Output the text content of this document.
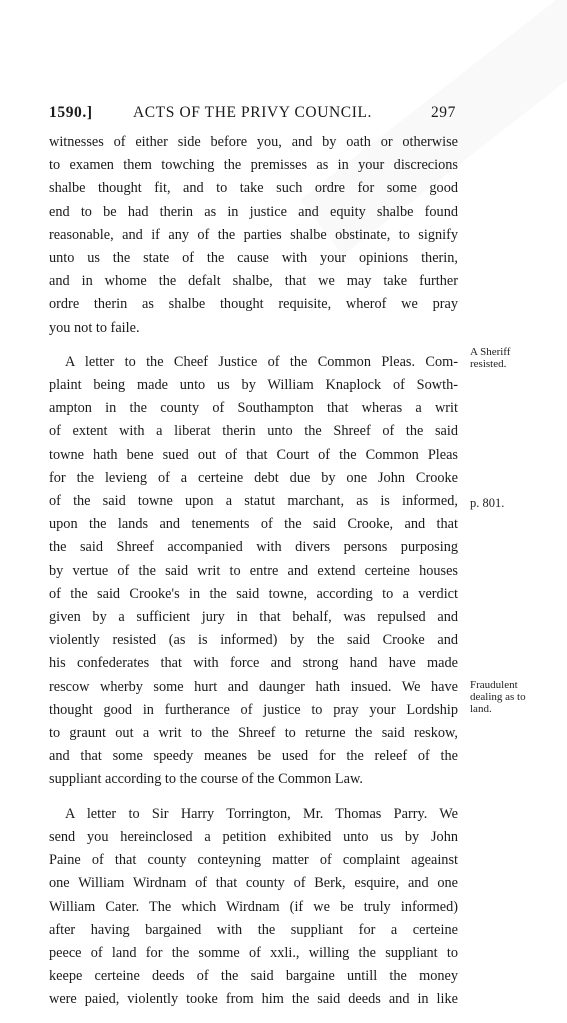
1590.]	ACTS OF THE PRIVY COUNCIL.	297

witnesses of either side before you, and by oath or otherwise

to examen them towching the premisses as in your discrecions

shalbe thought fit, and to take such ordre for some good

end to be had therin as in justice and equity shalbe found

reasonable, and if any of the parties shalbe obstinate, to signify

unto us the state of the cause with your opinions therin,

and in whome the defalt shalbe, that we may take further

ordre therin as shalbe thought requisite, wherof we pray

you not to faile.

A letter to the Cheef Justice of the Common Pleas. Com-

plaint being made unto us by William Knaplock of Sowth-

ampton in the county of Southampton that wheras a writ

of extent with a liberat therin unto the Shreef of the said

towne hath bene sued out of that Court of the Common Pleas

for the levieng of a certeine debt due by one John Crooke

of the said towne upon a statut marchant, as is informed,

upon the lands and tenements of the said Crooke, and that

the said Shreef accompanied with divers persons purposing

by vertue of the said writ to entre and extend certeine houses

of the said Crooke's in the said towne, according to a verdict

given by a sufficient jury in that behalf, was repulsed and

violently resisted (as is informed) by the said Crooke and

his confederates that with force and strong hand have made

rescow wherby some hurt and daunger hath insued. We have

thought good in furtherance of justice to pray your Lordship

to graunt out a writ to the Shreef to returne the said reskow,

and that some speedy meanes be used for the releef of the

suppliant according to the course of the Common Law.

A letter to Sir Harry Torrington, Mr. Thomas Parry. We

send you hereinclosed a petition exhibited unto us by John

Paine of that county conteyning matter of complaint ageainst

one William Wirdnam of that county of Berk, esquire, and one

William Cater. The which Wirdnam (if we be truly informed)

after having bargained with the suppliant for a certeine

peece of land for the somme of xxli., willing the suppliant to

keepe certeine deeds of the said bargaine untill the money

were paied, violently tooke from him the said deeds and in like

A Sheriff
resisted.
p. 801.
Fraudulent
dealing as to
land.
